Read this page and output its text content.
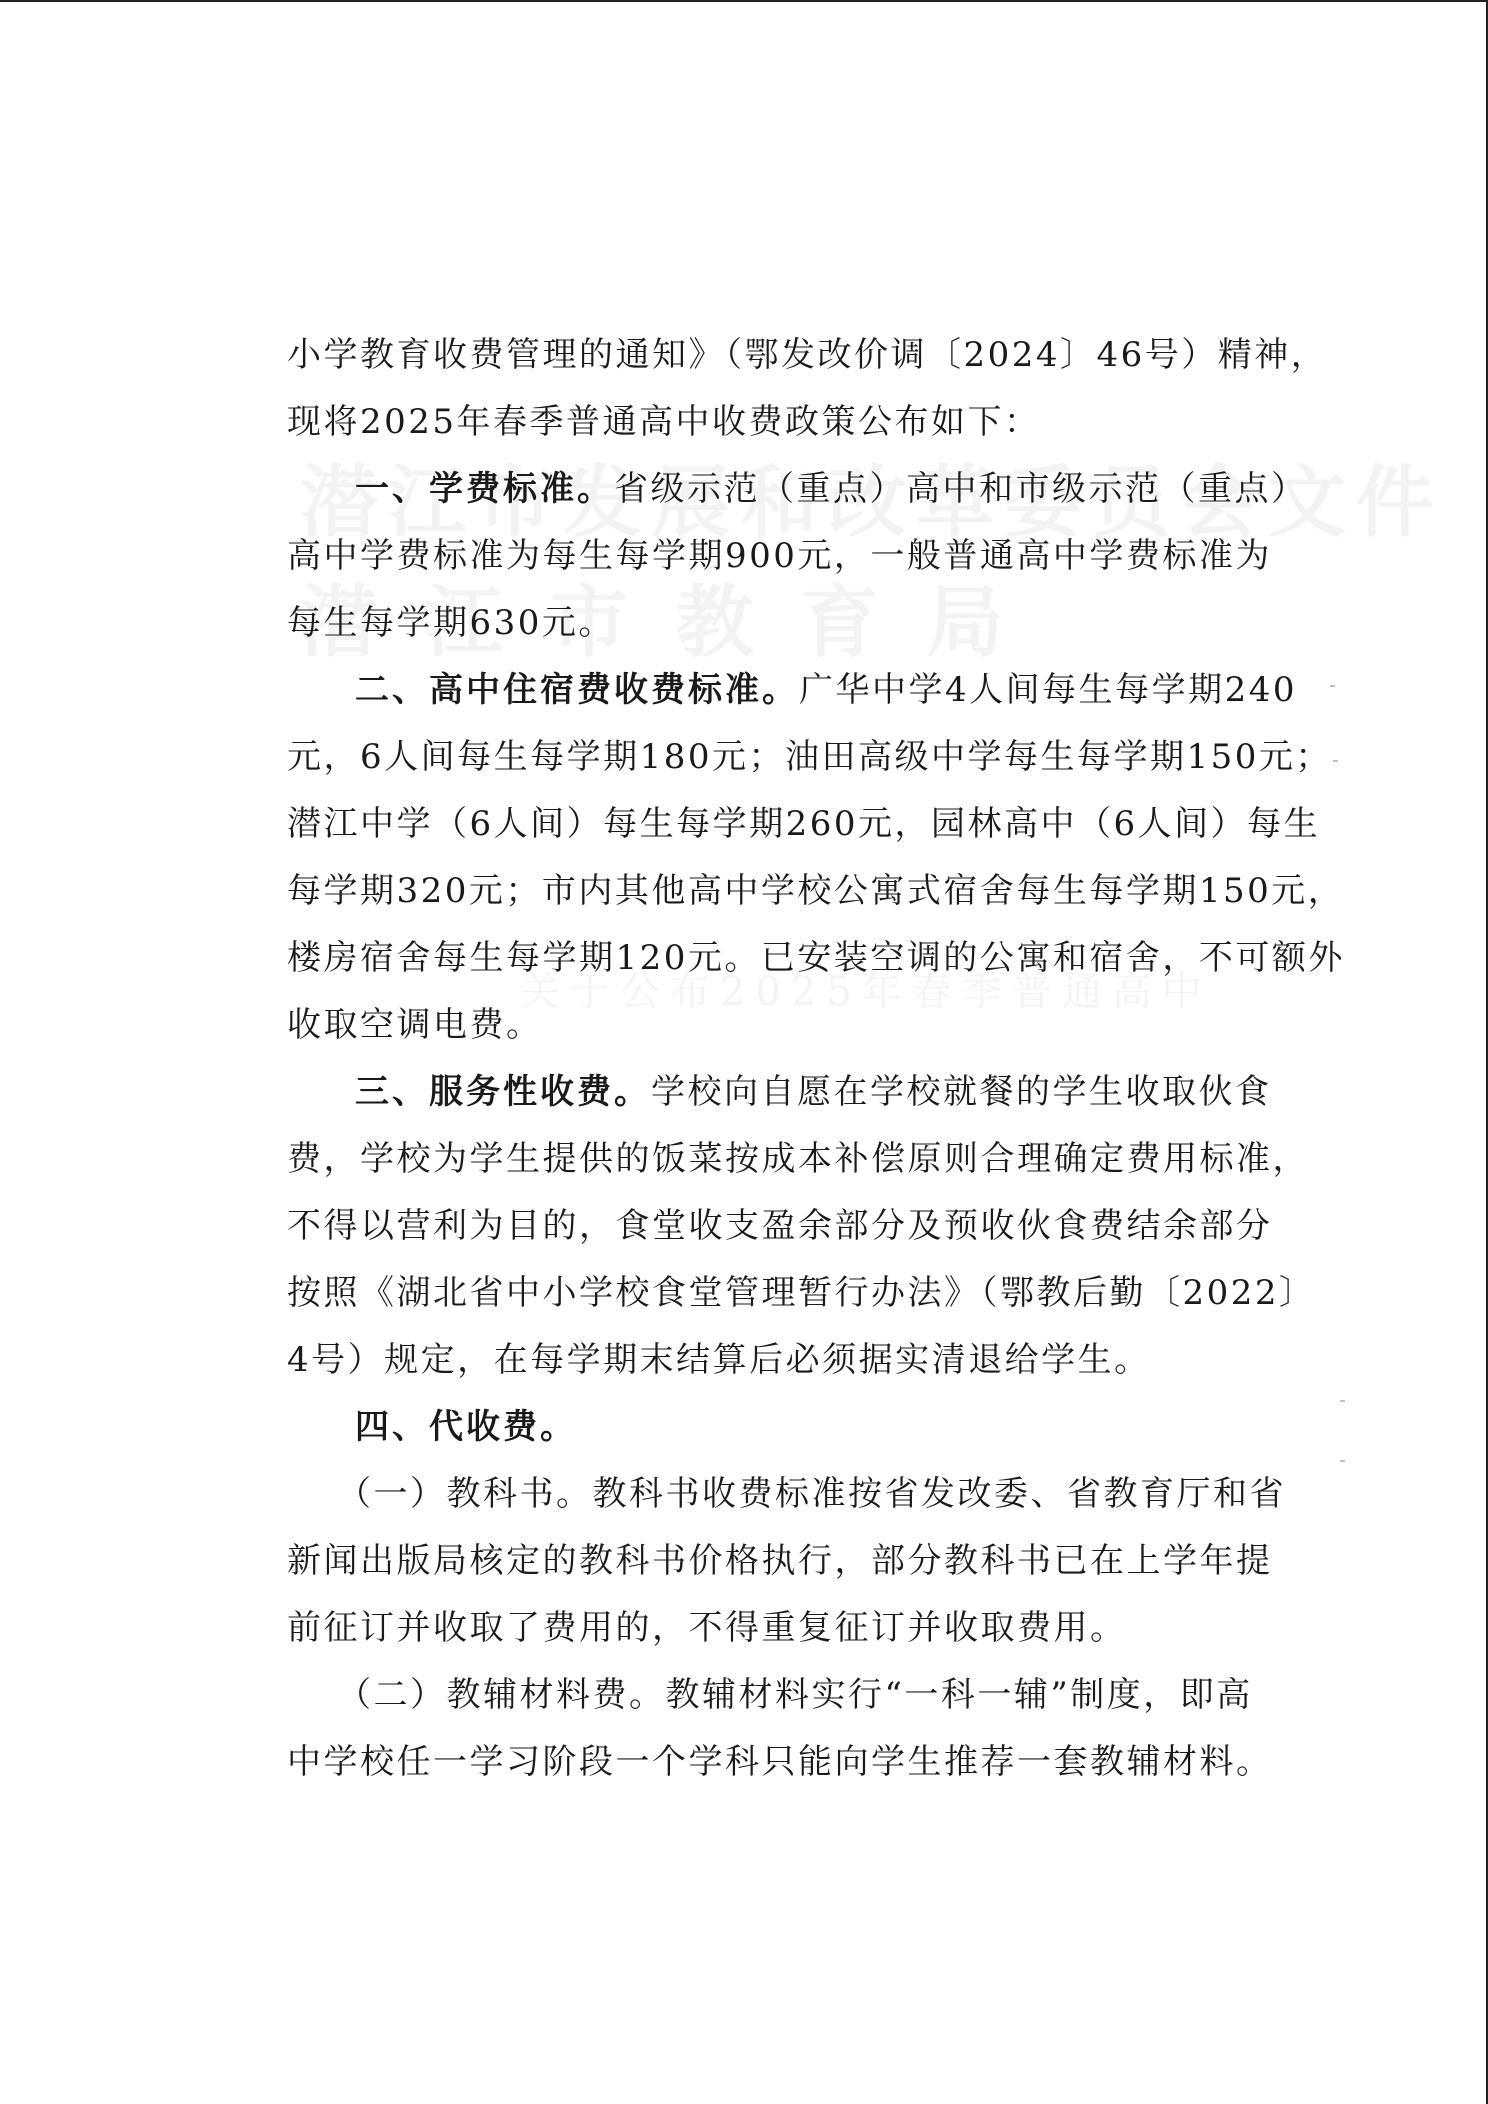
小学教育收费管理的通知》（鄂发改价调〔2024〕46号）精神，
现将2025年春季普通高中收费政策公布如下：
一、学费标准。省级示范（重点）高中和市级示范（重点）
高中学费标准为每生每学期900元，一般普通高中学费标准为
每生每学期630元。
二、高中住宿费收费标准。广华中学4人间每生每学期240
元，6人间每生每学期180元；油田高级中学每生每学期150元；
潜江中学（6人间）每生每学期260元，园林高中（6人间）每生
每学期320元；市内其他高中学校公寓式宿舍每生每学期150元，
楼房宿舍每生每学期120元。已安装空调的公寓和宿舍，不可额外
收取空调电费。
三、服务性收费。学校向自愿在学校就餐的学生收取伙食
费，学校为学生提供的饭菜按成本补偿原则合理确定费用标准，
不得以营利为目的，食堂收支盈余部分及预收伙食费结余部分
按照《湖北省中小学校食堂管理暂行办法》（鄂教后勤〔2022〕
4号）规定，在每学期末结算后必须据实清退给学生。
四、代收费。
（一）教科书。教科书收费标准按省发改委、省教育厅和省
新闻出版局核定的教科书价格执行，部分教科书已在上学年提
前征订并收取了费用的，不得重复征订并收取费用。
（二）教辅材料费。教辅材料实行“一科一辅”制度，即高
中学校任一学习阶段一个学科只能向学生推荐一套教辅材料。
